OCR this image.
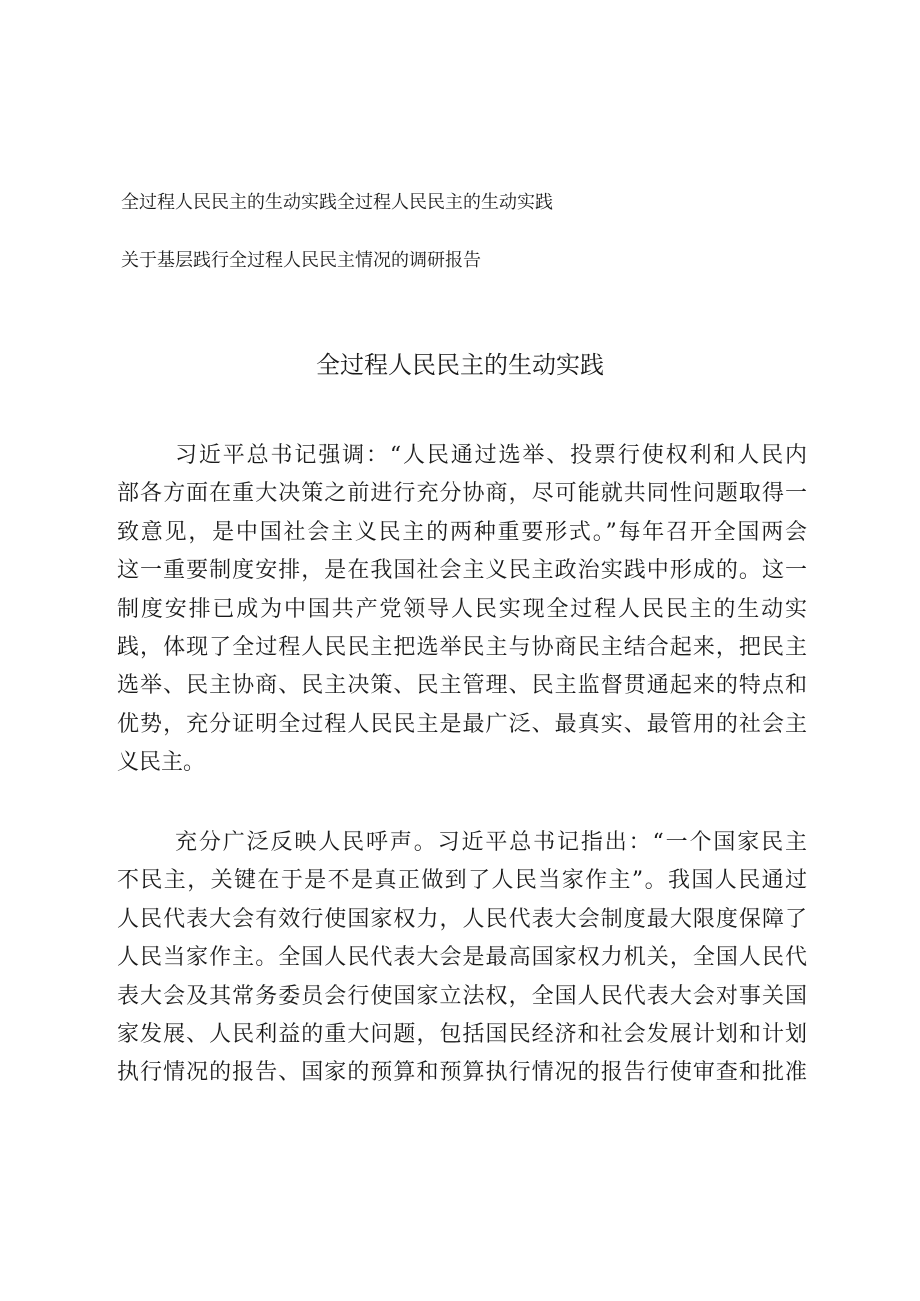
全过程人民民主的生动实践全过程人民民主的生动实践
关于基层践行全过程人民民主情况的调研报告
全过程人民民主的生动实践
习近平总书记强调：“人民通过选举、投票行使权利和人民内
部各方面在重大决策之前进行充分协商，尽可能就共同性问题取得一
致意见，是中国社会主义民主的两种重要形式。”每年召开全国两会
这一重要制度安排，是在我国社会主义民主政治实践中形成的。这一
制度安排已成为中国共产党领导人民实现全过程人民民主的生动实
践，体现了全过程人民民主把选举民主与协商民主结合起来，把民主
选举、民主协商、民主决策、民主管理、民主监督贯通起来的特点和
优势，充分证明全过程人民民主是最广泛、最真实、最管用的社会主
义民主。
充分广泛反映人民呼声。习近平总书记指出：“一个国家民主
不民主，关键在于是不是真正做到了人民当家作主”。我国人民通过
人民代表大会有效行使国家权力，人民代表大会制度最大限度保障了
人民当家作主。全国人民代表大会是最高国家权力机关，全国人民代
表大会及其常务委员会行使国家立法权，全国人民代表大会对事关国
家发展、人民利益的重大问题，包括国民经济和社会发展计划和计划
执行情况的报告、国家的预算和预算执行情况的报告行使审查和批准
